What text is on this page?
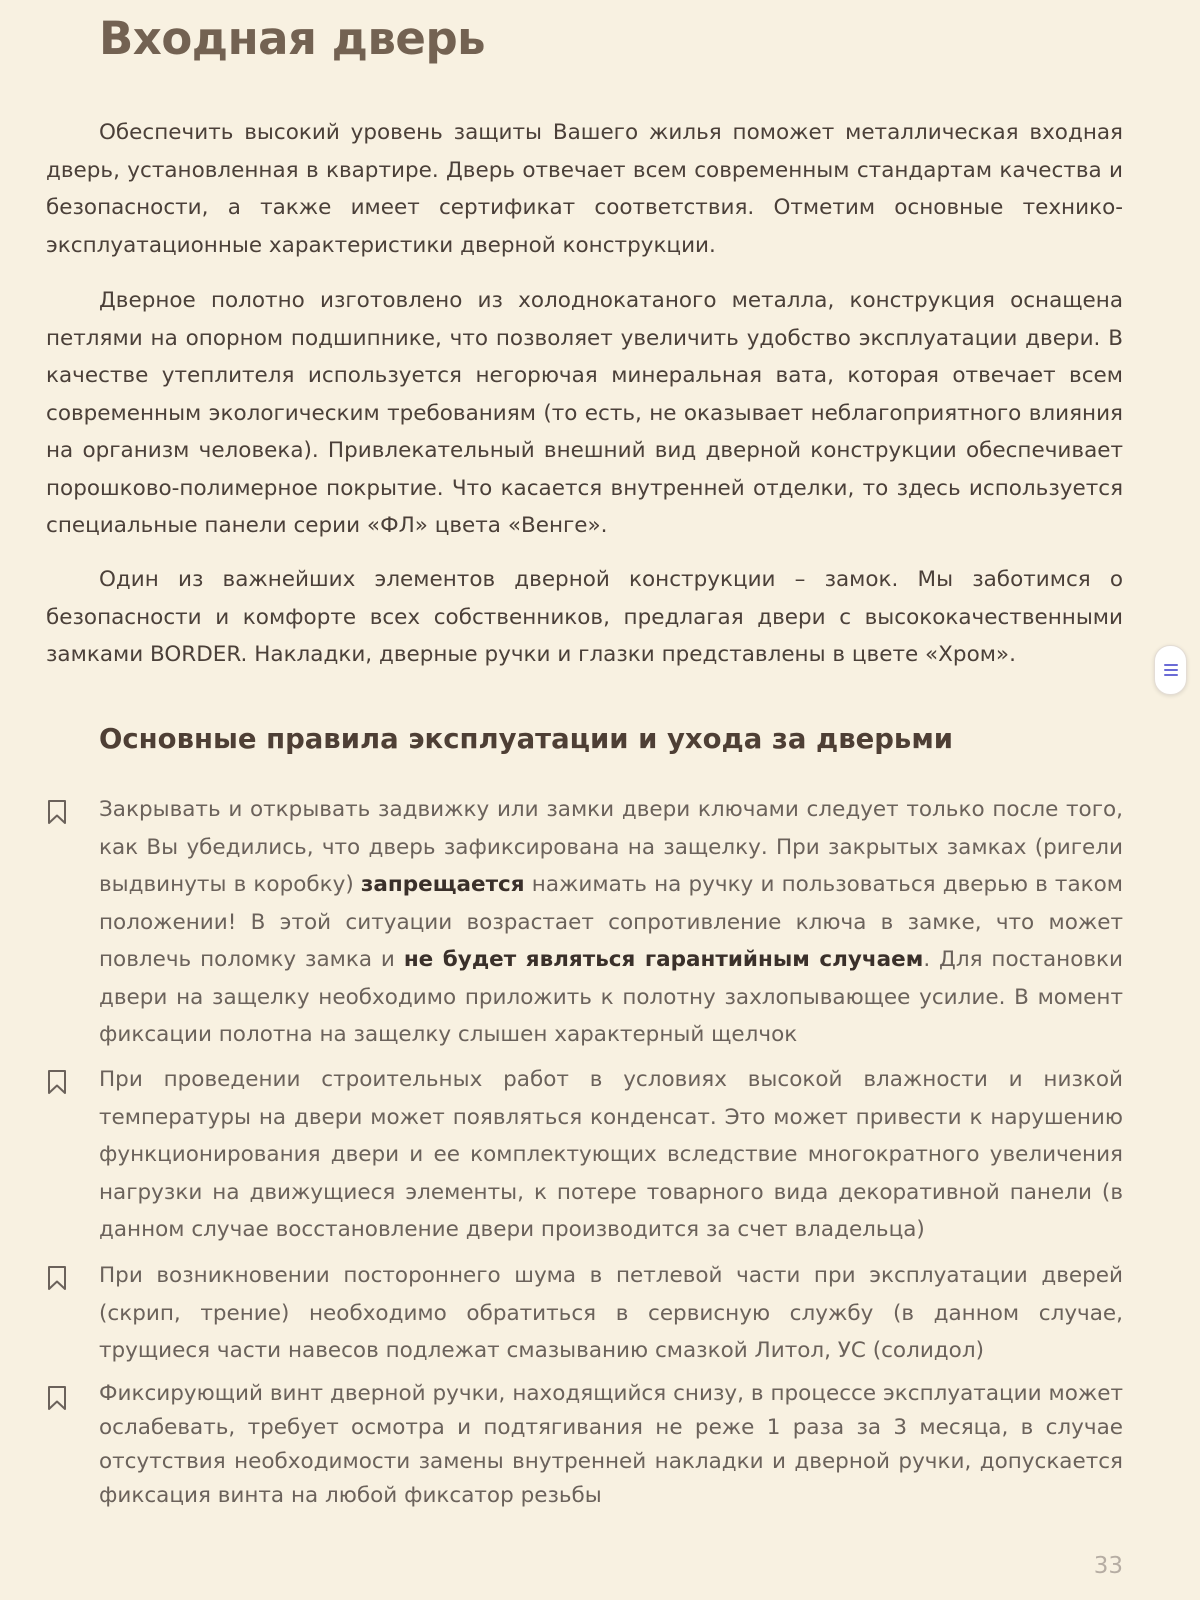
Входная дверь

Обеспечить высокий уровень защиты Вашего жилья поможет металлическая входная дверь, установленная в квартире. Дверь отвечает всем современным стандартам качества и безопасности, а также имеет сертификат соответствия. Отметим основные технико-эксплуатационные характеристики дверной конструкции.

Дверное полотно изготовлено из холоднокатаного металла, конструкция оснащена петлями на опорном подшипнике, что позволяет увеличить удобство эксплуатации двери. В качестве утеплителя используется негорючая минеральная вата, которая отвечает всем современным экологическим требованиям (то есть, не оказывает неблагоприятного влияния на организм человека). Привлекательный внешний вид дверной конструкции обеспечивает порошково-полимерное покрытие. Что касается внутренней отделки, то здесь используется специальные панели серии «ФЛ» цвета «Венге».

Один из важнейших элементов дверной конструкции – замок. Мы заботимся о безопасности и комфорте всех собственников, предлагая двери с высококачественными замками BORDER. Накладки, дверные ручки и глазки представлены в цвете «Хром».

Основные правила эксплуатации и ухода за дверьми

Закрывать и открывать задвижку или замки двери ключами следует только после того, как Вы убедились, что дверь зафиксирована на защелку. При закрытых замках (ригели выдвинуты в коробку) запрещается нажимать на ручку и пользоваться дверью в таком положении! В этой ситуации возрастает сопротивление ключа в замке, что может повлечь поломку замка и не будет являться гарантийным случаем. Для постановки двери на защелку необходимо приложить к полотну захлопывающее усилие. В момент фиксации полотна на защелку слышен характерный щелчок

При проведении строительных работ в условиях высокой влажности и низкой температуры на двери может появляться конденсат. Это может привести к нарушению функционирования двери и ее комплектующих вследствие многократного увеличения нагрузки на движущиеся элементы, к потере товарного вида декоративной панели (в данном случае восстановление двери производится за счет владельца)

При возникновении постороннего шума в петлевой части при эксплуатации дверей (скрип, трение) необходимо обратиться в сервисную службу (в данном случае, трущиеся части навесов подлежат смазыванию смазкой Литол, УС (солидол)

Фиксирующий винт дверной ручки, находящийся снизу, в процессе эксплуатации может ослабевать, требует осмотра и подтягивания не реже 1 раза за 3 месяца, в случае отсутствия необходимости замены внутренней накладки и дверной ручки, допускается фиксация винта на любой фиксатор резьбы

33
